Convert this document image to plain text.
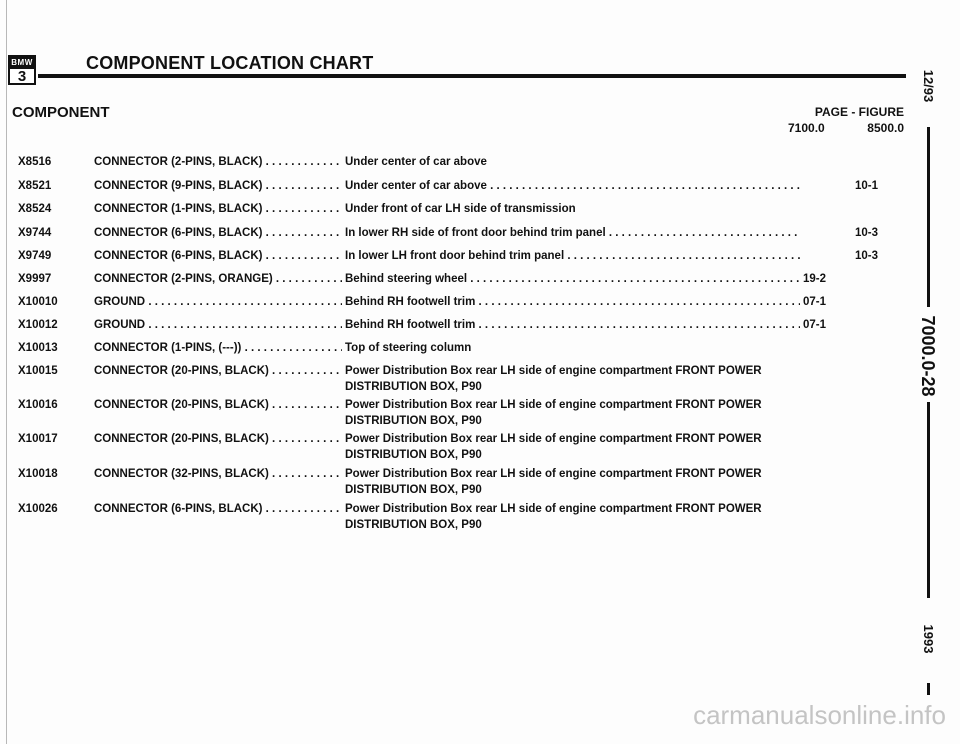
BMW
3
COMPONENT LOCATION CHART
COMPONENT	PAGE - FIGURE
7100.0	8500.0
X8516	CONNECTOR (2-PINS, BLACK) . . .	Under center of car above
X8521	CONNECTOR (9-PINS, BLACK) . . .	Under center of car above . . .	10-1
X8524	CONNECTOR (1-PINS, BLACK) . . .	Under front of car LH side of transmission
X9744	CONNECTOR (6-PINS, BLACK) . . .	In lower RH side of front door behind trim panel . . .	10-3
X9749	CONNECTOR (6-PINS, BLACK) . . .	In lower LH front door behind trim panel . . .	10-3
X9997	CONNECTOR (2-PINS, ORANGE) . . .	Behind steering wheel . . .	19-2
X10010	GROUND . . .	Behind RH footwell trim . . .	07-1
X10012	GROUND . . .	Behind RH footwell trim . . .	07-1
X10013	CONNECTOR (1-PINS, (---)) . . .	Top of steering column
X10015	CONNECTOR (20-PINS, BLACK) . . .	Power Distribution Box rear LH side of engine compartment FRONT POWER
DISTRIBUTION BOX, P90
X10016	CONNECTOR (20-PINS, BLACK) . . .	Power Distribution Box rear LH side of engine compartment FRONT POWER
DISTRIBUTION BOX, P90
X10017	CONNECTOR (20-PINS, BLACK) . . .	Power Distribution Box rear LH side of engine compartment FRONT POWER
DISTRIBUTION BOX, P90
X10018	CONNECTOR (32-PINS, BLACK) . . .	Power Distribution Box rear LH side of engine compartment FRONT POWER
DISTRIBUTION BOX, P90
X10026	CONNECTOR (6-PINS, BLACK) . . .	Power Distribution Box rear LH side of engine compartment FRONT POWER
DISTRIBUTION BOX, P90
12/93
7000.0-28
1993
carmanualsonline.info
